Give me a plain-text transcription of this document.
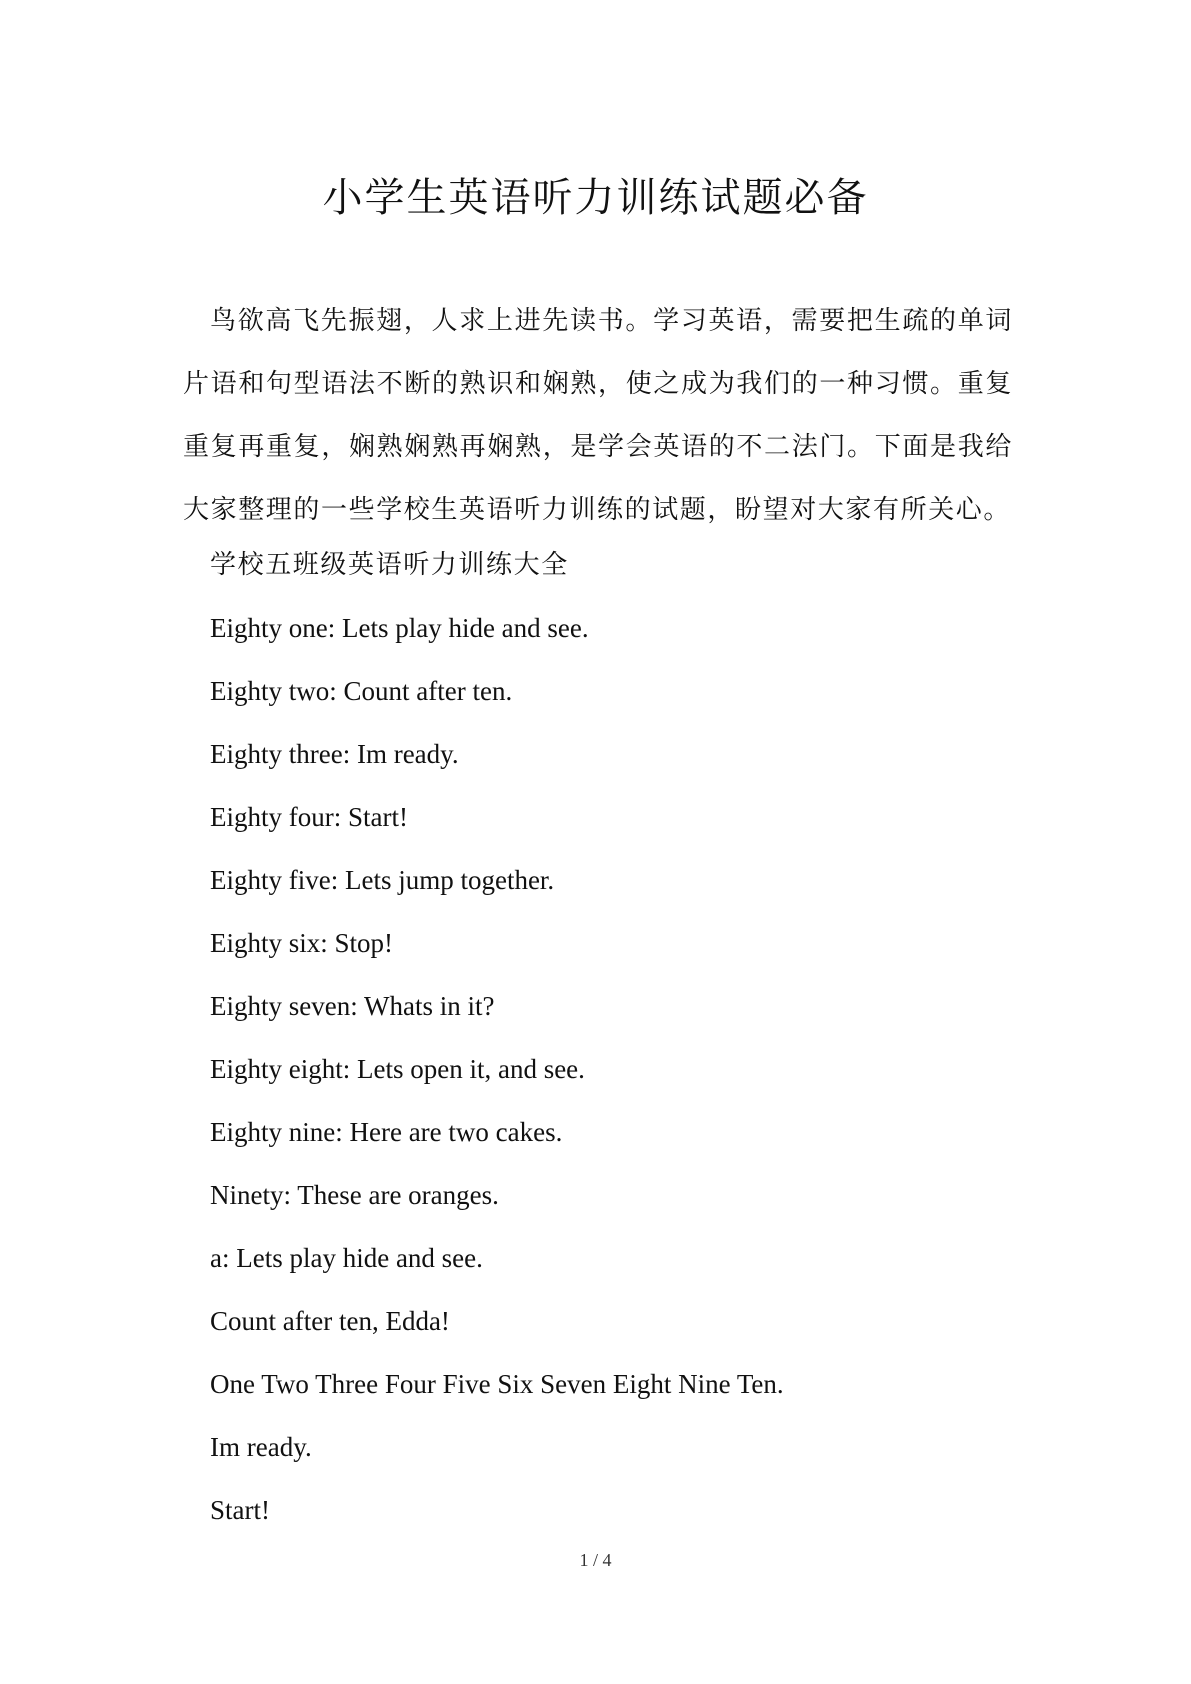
小学生英语听力训练试题必备

鸟欲高飞先振翅，人求上进先读书。学习英语，需要把生疏的单词片语和句型语法不断的熟识和娴熟，使之成为我们的一种习惯。重复重复再重复，娴熟娴熟再娴熟，是学会英语的不二法门。下面是我给大家整理的一些学校生英语听力训练的试题，盼望对大家有所关心。

学校五班级英语听力训练大全
Eighty one: Lets play hide and see.
Eighty two: Count after ten.
Eighty three: Im ready.
Eighty four: Start!
Eighty five: Lets jump together.
Eighty six: Stop!
Eighty seven: Whats in it?
Eighty eight: Lets open it, and see.
Eighty nine: Here are two cakes.
Ninety: These are oranges.
a: Lets play hide and see.
Count after ten, Edda!
One Two Three Four Five Six Seven Eight Nine Ten.
Im ready.
Start!
1 / 4
